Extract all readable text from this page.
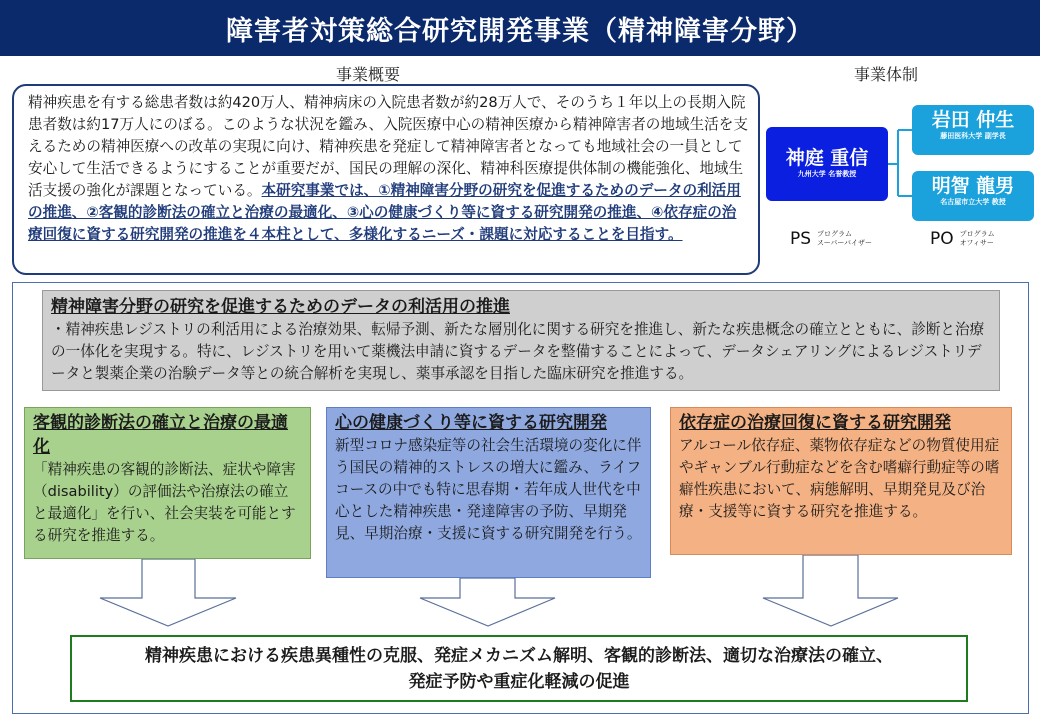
障害者対策総合研究開発事業（精神障害分野）
事業概要	事業体制
精神疾患を有する総患者数は約420万人、精神病床の入院患者数が約28万人で、そのうち１年以上の長期入院患者数は約17万人にのぼる。このような状況を鑑み、入院医療中心の精神医療から精神障害者の地域生活を支えるための精神医療への改革の実現に向け、精神疾患を発症して精神障害者となっても地域社会の一員として安心して生活できるようにすることが重要だが、国民の理解の深化、精神科医療提供体制の機能強化、地域生活支援の強化が課題となっている。本研究事業では、①精神障害分野の研究を促進するためのデータの利活用の推進、②客観的診断法の確立と治療の最適化、③心の健康づくり等に資する研究開発の推進、④依存症の治療回復に資する研究開発の推進を４本柱として、多様化するニーズ・課題に対応することを目指す。
神庭 重信
九州大学 名誉教授
岩田 仲生
藤田医科大学 副学長
明智 龍男
名古屋市立大学 教授
PS プログラム
スーパーバイザー	PO プログラム
オフィサー
精神障害分野の研究を促進するためのデータの利活用の推進
・精神疾患レジストリの利活用による治療効果、転帰予測、新たな層別化に関する研究を推進し、新たな疾患概念の確立とともに、診断と治療の一体化を実現する。特に、レジストリを用いて薬機法申請に資するデータを整備することによって、データシェアリングによるレジストリデータと製薬企業の治験データ等との統合解析を実現し、薬事承認を目指した臨床研究を推進する。
客観的診断法の確立と治療の最適化
「精神疾患の客観的診断法、症状や障害（disability）の評価法や治療法の確立と最適化」を行い、社会実装を可能とする研究を推進する。
心の健康づくり等に資する研究開発
新型コロナ感染症等の社会生活環境の変化に伴う国民の精神的ストレスの増大に鑑み、ライフコースの中でも特に思春期・若年成人世代を中心とした精神疾患・発達障害の予防、早期発見、早期治療・支援に資する研究開発を行う。
依存症の治療回復に資する研究開発
アルコール依存症、薬物依存症などの物質使用症やギャンブル行動症などを含む嗜癖行動症等の嗜癖性疾患において、病態解明、早期発見及び治療・支援等に資する研究を推進する。
精神疾患における疾患異種性の克服、発症メカニズム解明、客観的診断法、適切な治療法の確立、
発症予防や重症化軽減の促進
